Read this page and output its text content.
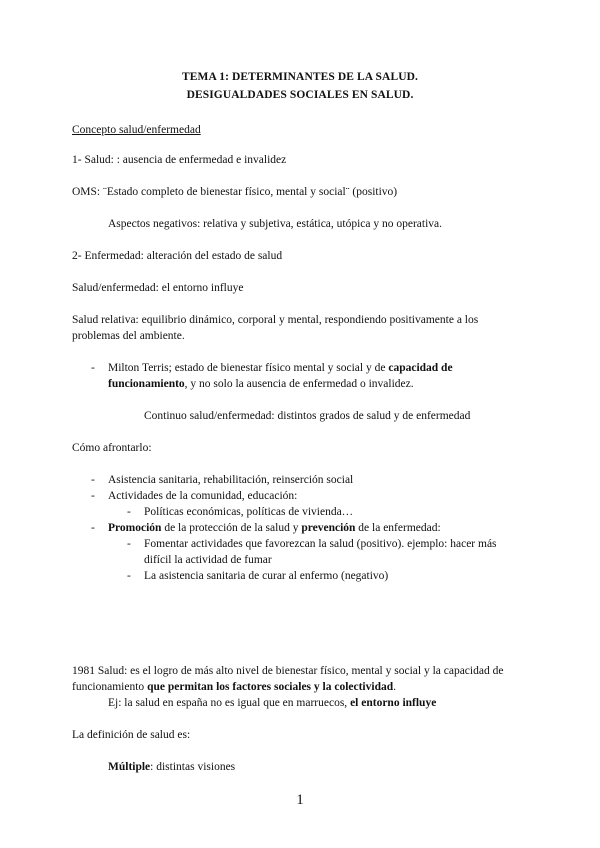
TEMA 1: DETERMINANTES DE LA SALUD.
DESIGUALDADES SOCIALES EN SALUD.
Concepto salud/enfermedad
1- Salud: : ausencia de enfermedad e invalidez
OMS: ¨Estado completo de bienestar físico, mental y social¨ (positivo)
Aspectos negativos: relativa y subjetiva, estática, utópica y no operativa.
2- Enfermedad: alteración del estado de salud
Salud/enfermedad: el entorno influye
Salud relativa: equilibrio dinámico, corporal y mental, respondiendo positivamente a los
problemas del ambiente.
- Milton Terris; estado de bienestar físico mental y social y de capacidad de
funcionamiento, y no solo la ausencia de enfermedad o invalidez.
Continuo salud/enfermedad: distintos grados de salud y de enfermedad
Cómo afrontarlo:
- Asistencia sanitaria, rehabilitación, reinserción social
- Actividades de la comunidad, educación:
- Políticas económicas, políticas de vivienda…
- Promoción de la protección de la salud y prevención de la enfermedad:
- Fomentar actividades que favorezcan la salud (positivo). ejemplo: hacer más
difícil la actividad de fumar
- La asistencia sanitaria de curar al enfermo (negativo)
1981 Salud: es el logro de más alto nivel de bienestar físico, mental y social y la capacidad de
funcionamiento que permitan los factores sociales y la colectividad.
Ej: la salud en españa no es igual que en marruecos, el entorno influye
La definición de salud es:
Múltiple: distintas visiones
1
